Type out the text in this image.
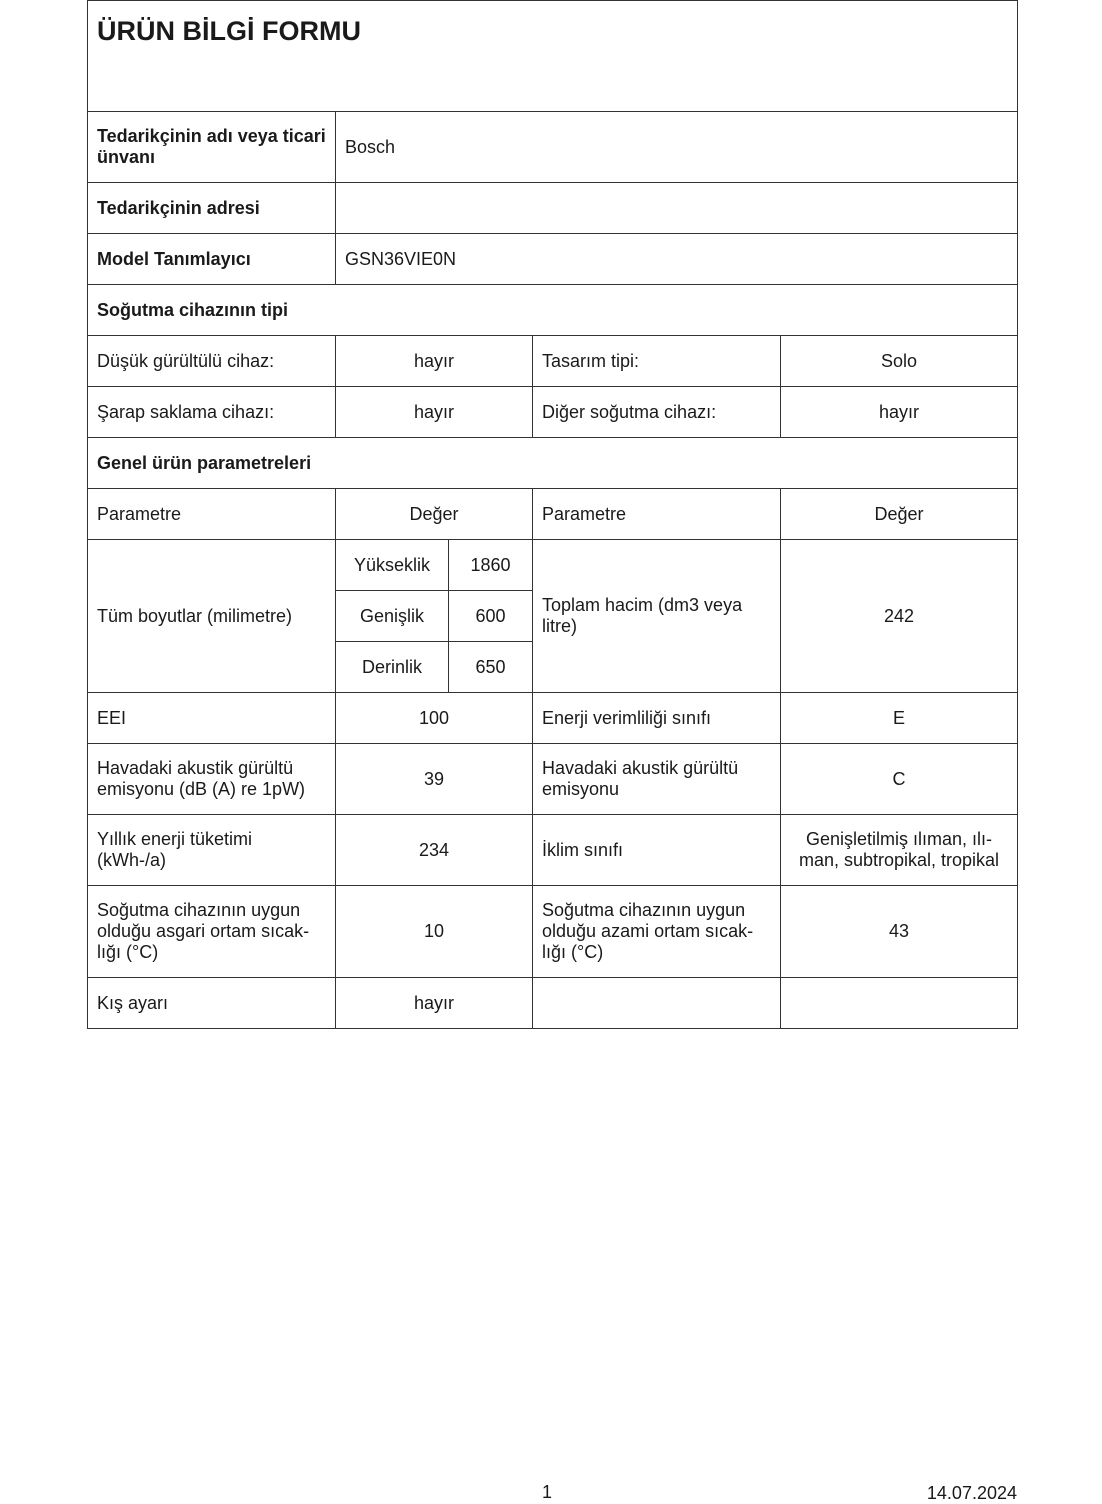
ÜRÜN BİLGİ FORMU				
Tedarikçinin adı veya ticari ünvanı	Bosch			
Tedarikçinin adresi				
Model Tanımlayıcı	GSN36VIE0N			
Soğutma cihazının tipi				
Düşük gürültülü cihaz:	hayır		Tasarım tipi:	Solo
Şarap saklama cihazı:	hayır		Diğer soğutma cihazı:	hayır
Genel ürün parametreleri				
Parametre	Değer		Parametre	Değer
Tüm boyutlar (milimetre)	Yükseklik	1860	Toplam hacim (dm3 veya litre)	242
	Genişlik	600		
	Derinlik	650		
EEI	100		Enerji verimliliği sınıfı	E
Havadaki akustik gürültü emisyonu (dB (A) re 1pW)	39		Havadaki akustik gürültü emisyonu	C
Yıllık enerji tüketimi (kWh-/a)	234		İklim sınıfı	Genişletilmiş ılıman, ılı-man, subtropikal, tropikal
Soğutma cihazının uygun olduğu asgari ortam sıcak-lığı (°C)	10		Soğutma cihazının uygun olduğu azami ortam sıcak-lığı (°C)	43
Kış ayarı	hayır			
1	14.07.2024
